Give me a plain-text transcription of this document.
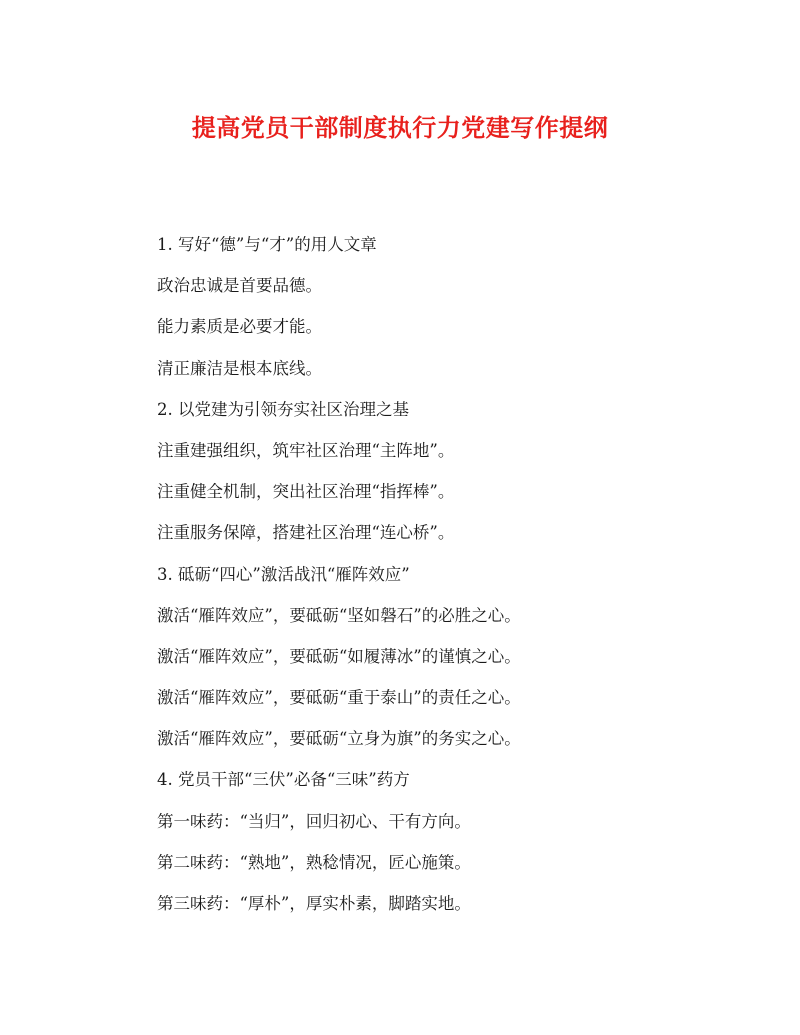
提高党员干部制度执行力党建写作提纲

1. 写好“德”与“才”的用人文章

政治忠诚是首要品德。

能力素质是必要才能。

清正廉洁是根本底线。

2. 以党建为引领夯实社区治理之基

注重建强组织，筑牢社区治理“主阵地”。

注重健全机制，突出社区治理“指挥棒”。

注重服务保障，搭建社区治理“连心桥”。

3. 砥砺“四心”激活战汛“雁阵效应”

激活“雁阵效应”，要砥砺“坚如磐石”的必胜之心。

激活“雁阵效应”，要砥砺“如履薄冰”的谨慎之心。

激活“雁阵效应”，要砥砺“重于泰山”的责任之心。

激活“雁阵效应”，要砥砺“立身为旗”的务实之心。

4. 党员干部“三伏”必备“三味”药方

第一味药：“当归”，回归初心、干有方向。

第二味药：“熟地”，熟稔情况，匠心施策。

第三味药：“厚朴”，厚实朴素，脚踏实地。
